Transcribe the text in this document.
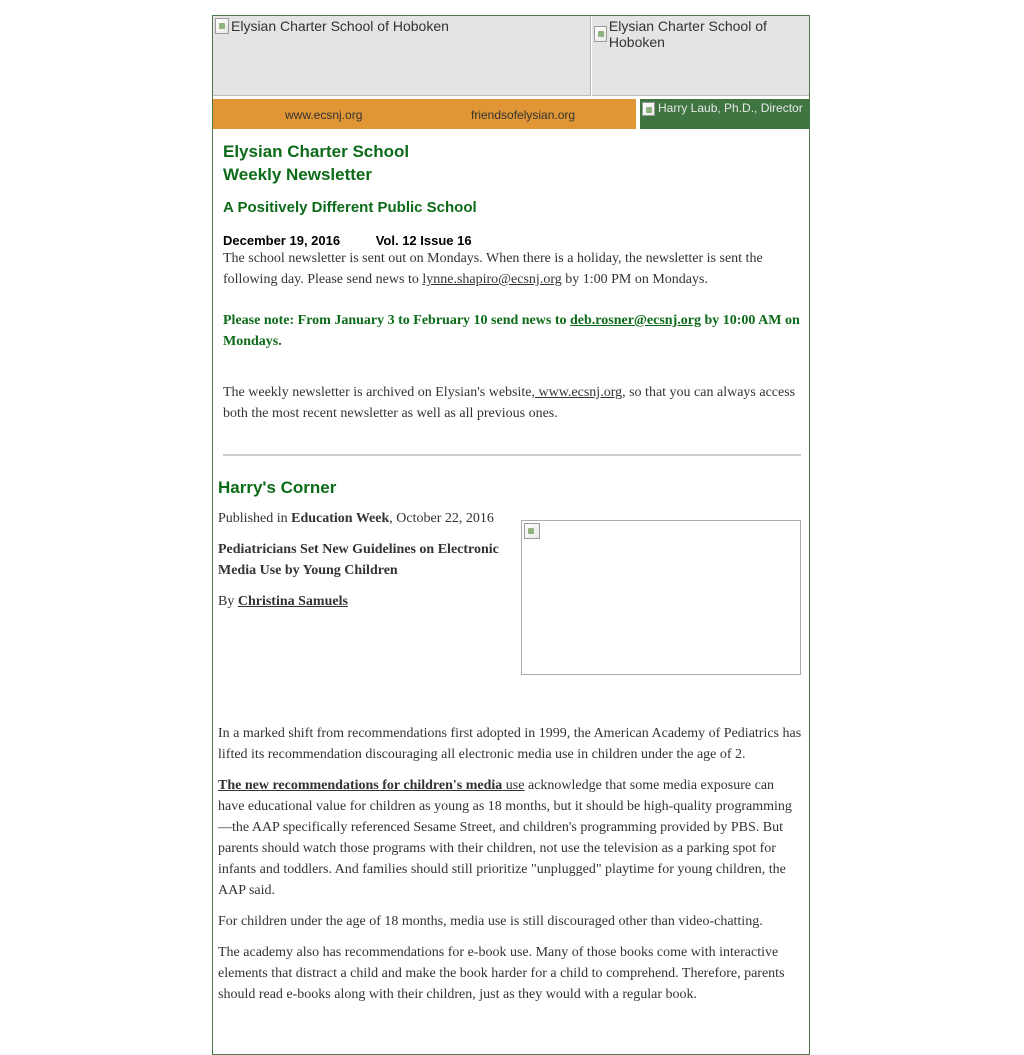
Elysian Charter School of Hoboken	Elysian Charter School of Hoboken
www.ecsnj.org	friendsofelysian.org	Harry Laub, Ph.D., Director
Elysian Charter School
Weekly Newsletter

A Positively Different Public School

December 19, 2016	Vol. 12 Issue 16

The school newsletter is sent out on Mondays. When there is a holiday, the newsletter is sent the following day. Please send news to lynne.shapiro@ecsnj.org by 1:00 PM on Mondays.

Please note: From January 3 to February 10 send news to deb.rosner@ecsnj.org by 10:00 AM on Mondays.

The weekly newsletter is archived on Elysian's website, www.ecsnj.org, so that you can always access both the most recent newsletter as well as all previous ones.

Harry's Corner

Published in Education Week, October 22, 2016

Pediatricians Set New Guidelines on Electronic Media Use by Young Children

By Christina Samuels

In a marked shift from recommendations first adopted in 1999, the American Academy of Pediatrics has lifted its recommendation discouraging all electronic media use in children under the age of 2.

The new recommendations for children's media use acknowledge that some media exposure can have educational value for children as young as 18 months, but it should be high-quality programming—the AAP specifically referenced Sesame Street, and children's programming provided by PBS. But parents should watch those programs with their children, not use the television as a parking spot for infants and toddlers. And families should still prioritize "unplugged" playtime for young children, the AAP said.

For children under the age of 18 months, media use is still discouraged other than video-chatting.

The academy also has recommendations for e-book use. Many of those books come with interactive elements that distract a child and make the book harder for a child to comprehend. Therefore, parents should read e-books along with their children, just as they would with a regular book.
